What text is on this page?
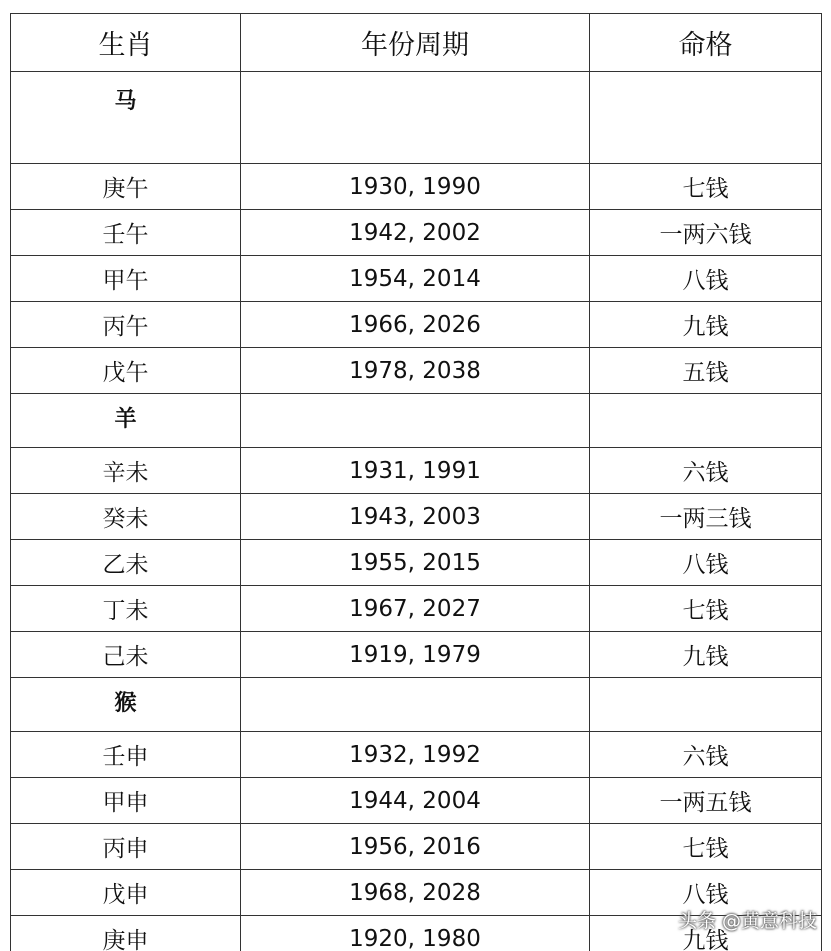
生肖	年份周期	命格
马		
庚午	1930, 1990	七钱
壬午	1942, 2002	一两六钱
甲午	1954, 2014	八钱
丙午	1966, 2026	九钱
戊午	1978, 2038	五钱
羊		
辛未	1931, 1991	六钱
癸未	1943, 2003	一两三钱
乙未	1955, 2015	八钱
丁未	1967, 2027	七钱
己未	1919, 1979	九钱
猴		
壬申	1932, 1992	六钱
甲申	1944, 2004	一两五钱
丙申	1956, 2016	七钱
戊申	1968, 2028	八钱
庚申	1920, 1980	九钱
头条 @黄意科技
